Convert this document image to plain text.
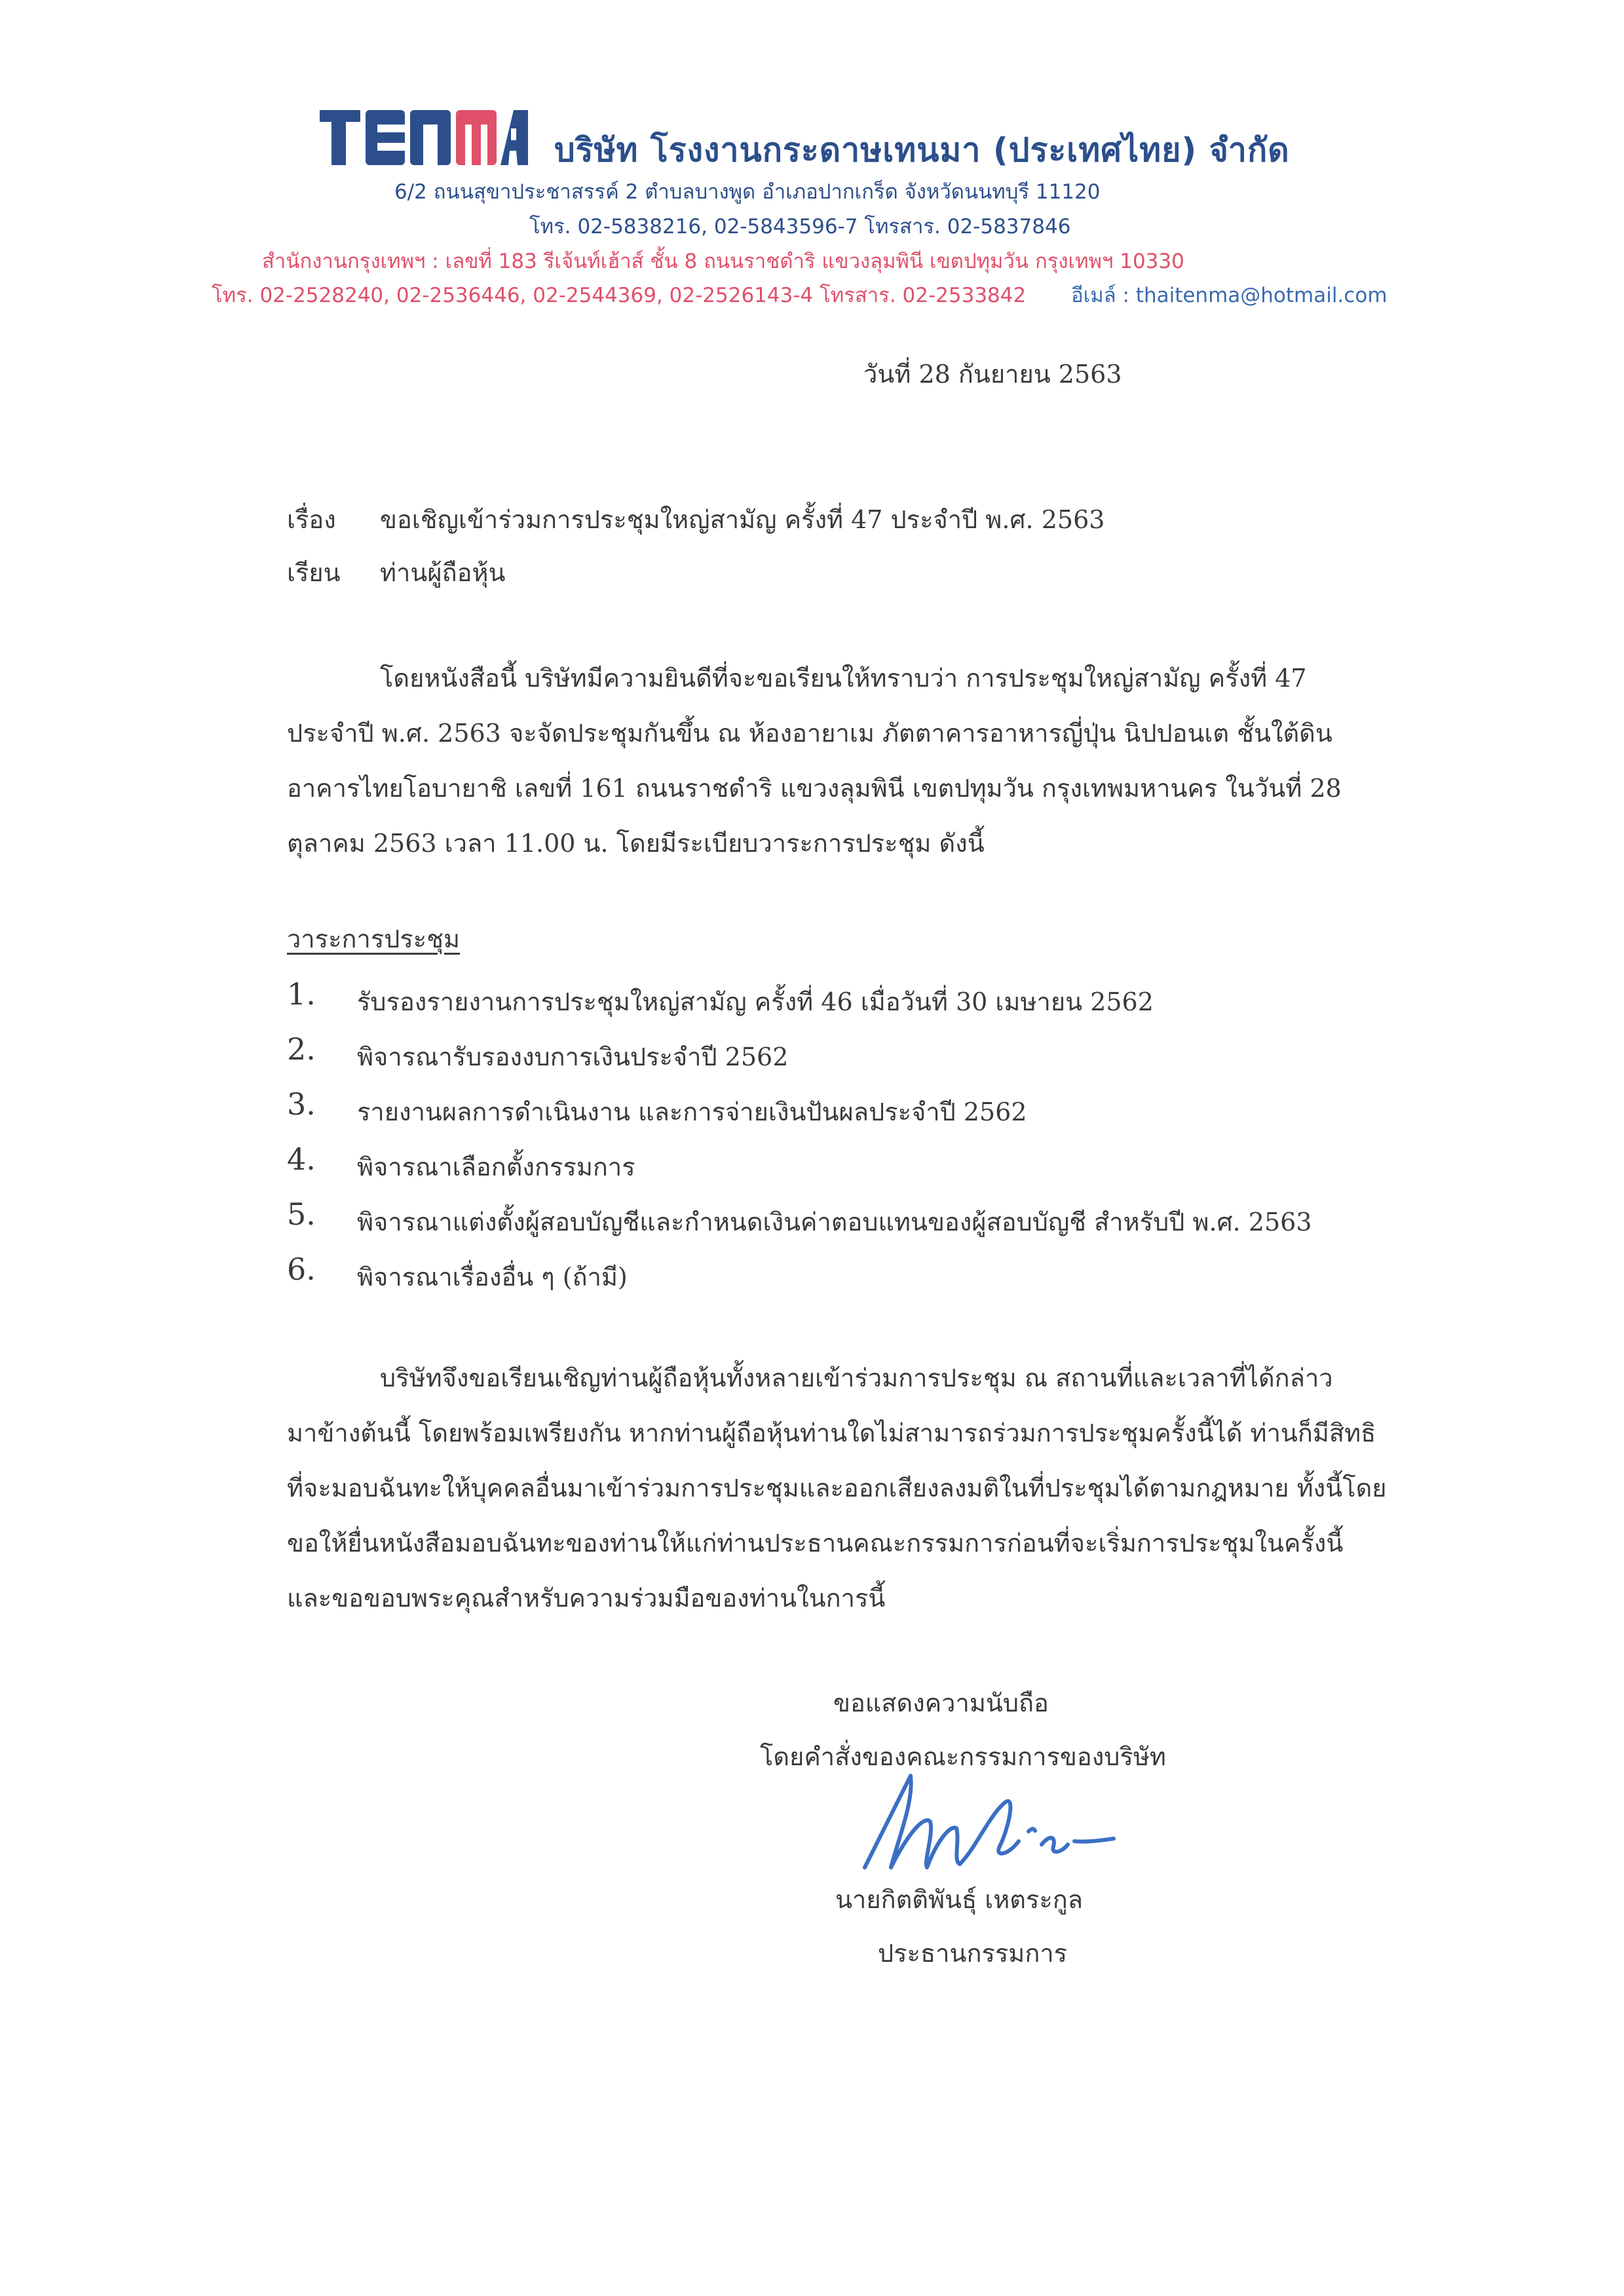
บริษัท โรงงานกระดาษเทนมา (ประเทศไทย) จำกัด
6/2 ถนนสุขาประชาสรรค์ 2 ตำบลบางพูด อำเภอปากเกร็ด จังหวัดนนทบุรี 11120
โทร. 02-5838216, 02-5843596-7 โทรสาร. 02-5837846
สำนักงานกรุงเทพฯ : เลขที่ 183 รีเจ้นท์เฮ้าส์ ชั้น 8 ถนนราชดำริ แขวงลุมพินี เขตปทุมวัน กรุงเทพฯ 10330
โทร. 02-2528240, 02-2536446, 02-2544369, 02-2526143-4 โทรสาร. 02-2533842 อีเมล์ : thaitenma@hotmail.com
วันที่ 28 กันยายน 2563
เรื่อง ขอเชิญเข้าร่วมการประชุมใหญ่สามัญ ครั้งที่ 47 ประจำปี พ.ศ. 2563
เรียน ท่านผู้ถือหุ้น
โดยหนังสือนี้ บริษัทมีความยินดีที่จะขอเรียนให้ทราบว่า การประชุมใหญ่สามัญ ครั้งที่ 47
ประจำปี พ.ศ. 2563 จะจัดประชุมกันขึ้น ณ ห้องอายาเม ภัตตาคารอาหารญี่ปุ่น นิปปอนเต ชั้นใต้ดิน
อาคารไทยโอบายาชิ เลขที่ 161 ถนนราชดำริ แขวงลุมพินี เขตปทุมวัน กรุงเทพมหานคร ในวันที่ 28
ตุลาคม 2563 เวลา 11.00 น. โดยมีระเบียบวาระการประชุม ดังนี้
วาระการประชุม
1. รับรองรายงานการประชุมใหญ่สามัญ ครั้งที่ 46 เมื่อวันที่ 30 เมษายน 2562
2. พิจารณารับรองงบการเงินประจำปี 2562
3. รายงานผลการดำเนินงาน และการจ่ายเงินปันผลประจำปี 2562
4. พิจารณาเลือกตั้งกรรมการ
5. พิจารณาแต่งตั้งผู้สอบบัญชีและกำหนดเงินค่าตอบแทนของผู้สอบบัญชี สำหรับปี พ.ศ. 2563
6. พิจารณาเรื่องอื่น ๆ (ถ้ามี)
บริษัทจึงขอเรียนเชิญท่านผู้ถือหุ้นทั้งหลายเข้าร่วมการประชุม ณ สถานที่และเวลาที่ได้กล่าว
มาข้างต้นนี้ โดยพร้อมเพรียงกัน หากท่านผู้ถือหุ้นท่านใดไม่สามารถร่วมการประชุมครั้งนี้ได้ ท่านก็มีสิทธิ
ที่จะมอบฉันทะให้บุคคลอื่นมาเข้าร่วมการประชุมและออกเสียงลงมติในที่ประชุมได้ตามกฎหมาย ทั้งนี้โดย
ขอให้ยื่นหนังสือมอบฉันทะของท่านให้แก่ท่านประธานคณะกรรมการก่อนที่จะเริ่มการประชุมในครั้งนี้
และขอขอบพระคุณสำหรับความร่วมมือของท่านในการนี้
ขอแสดงความนับถือ
โดยคำสั่งของคณะกรรมการของบริษัท
นายกิตติพันธุ์ เหตระกูล
ประธานกรรมการ
